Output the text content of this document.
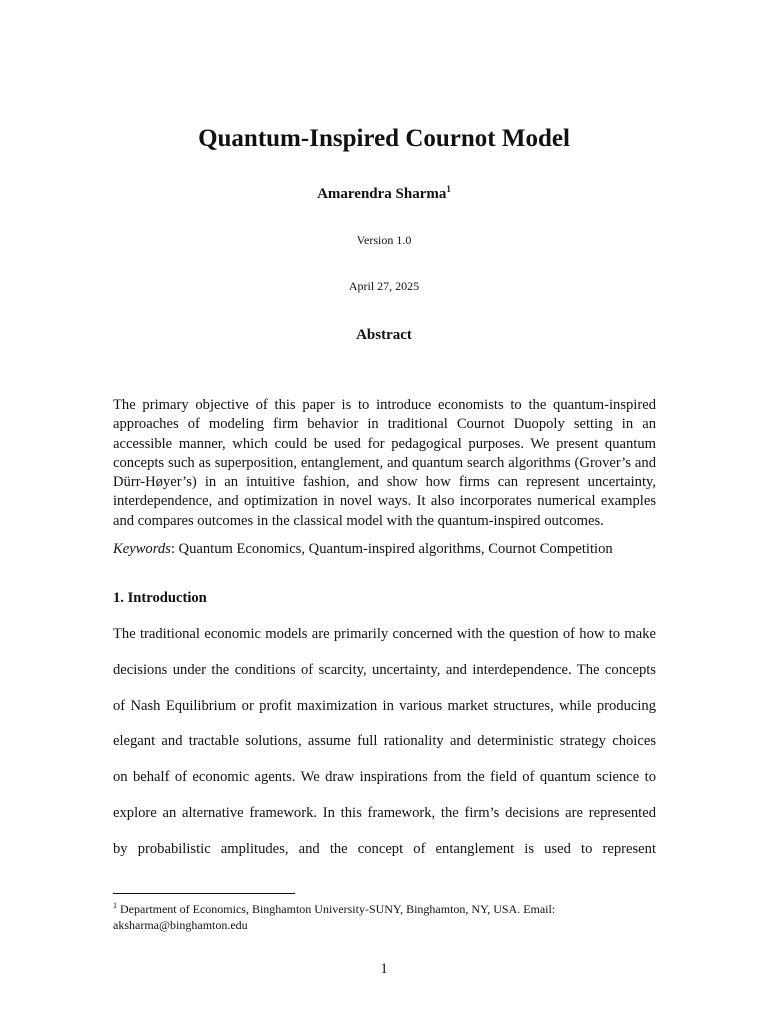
Quantum-Inspired Cournot Model
Amarendra Sharma$^1$
Version 1.0
April 27, 2025
Abstract

The primary objective of this paper is to introduce economists to the quantum-inspired approaches of modeling firm behavior in traditional Cournot Duopoly setting in an accessible manner, which could be used for pedagogical purposes. We present quantum concepts such as superposition, entanglement, and quantum search algorithms (Grover’s and Dürr-Høyer’s) in an intuitive fashion, and show how firms can represent uncertainty, interdependence, and optimization in novel ways. It also incorporates numerical examples and compares outcomes in the classical model with the quantum-inspired outcomes.

Keywords: Quantum Economics, Quantum-inspired algorithms, Cournot Competition
1. Introduction
The traditional economic models are primarily concerned with the question of how to make
decisions under the conditions of scarcity, uncertainty, and interdependence. The concepts
of Nash Equilibrium or profit maximization in various market structures, while producing
elegant and tractable solutions, assume full rationality and deterministic strategy choices
on behalf of economic agents. We draw inspirations from the field of quantum science to
explore an alternative framework. In this framework, the firm’s decisions are represented
by probabilistic amplitudes, and the concept of entanglement is used to represent
$^1$ Department of Economics, Binghamton University-SUNY, Binghamton, NY, USA. Email: aksharma@binghamton.edu
1
